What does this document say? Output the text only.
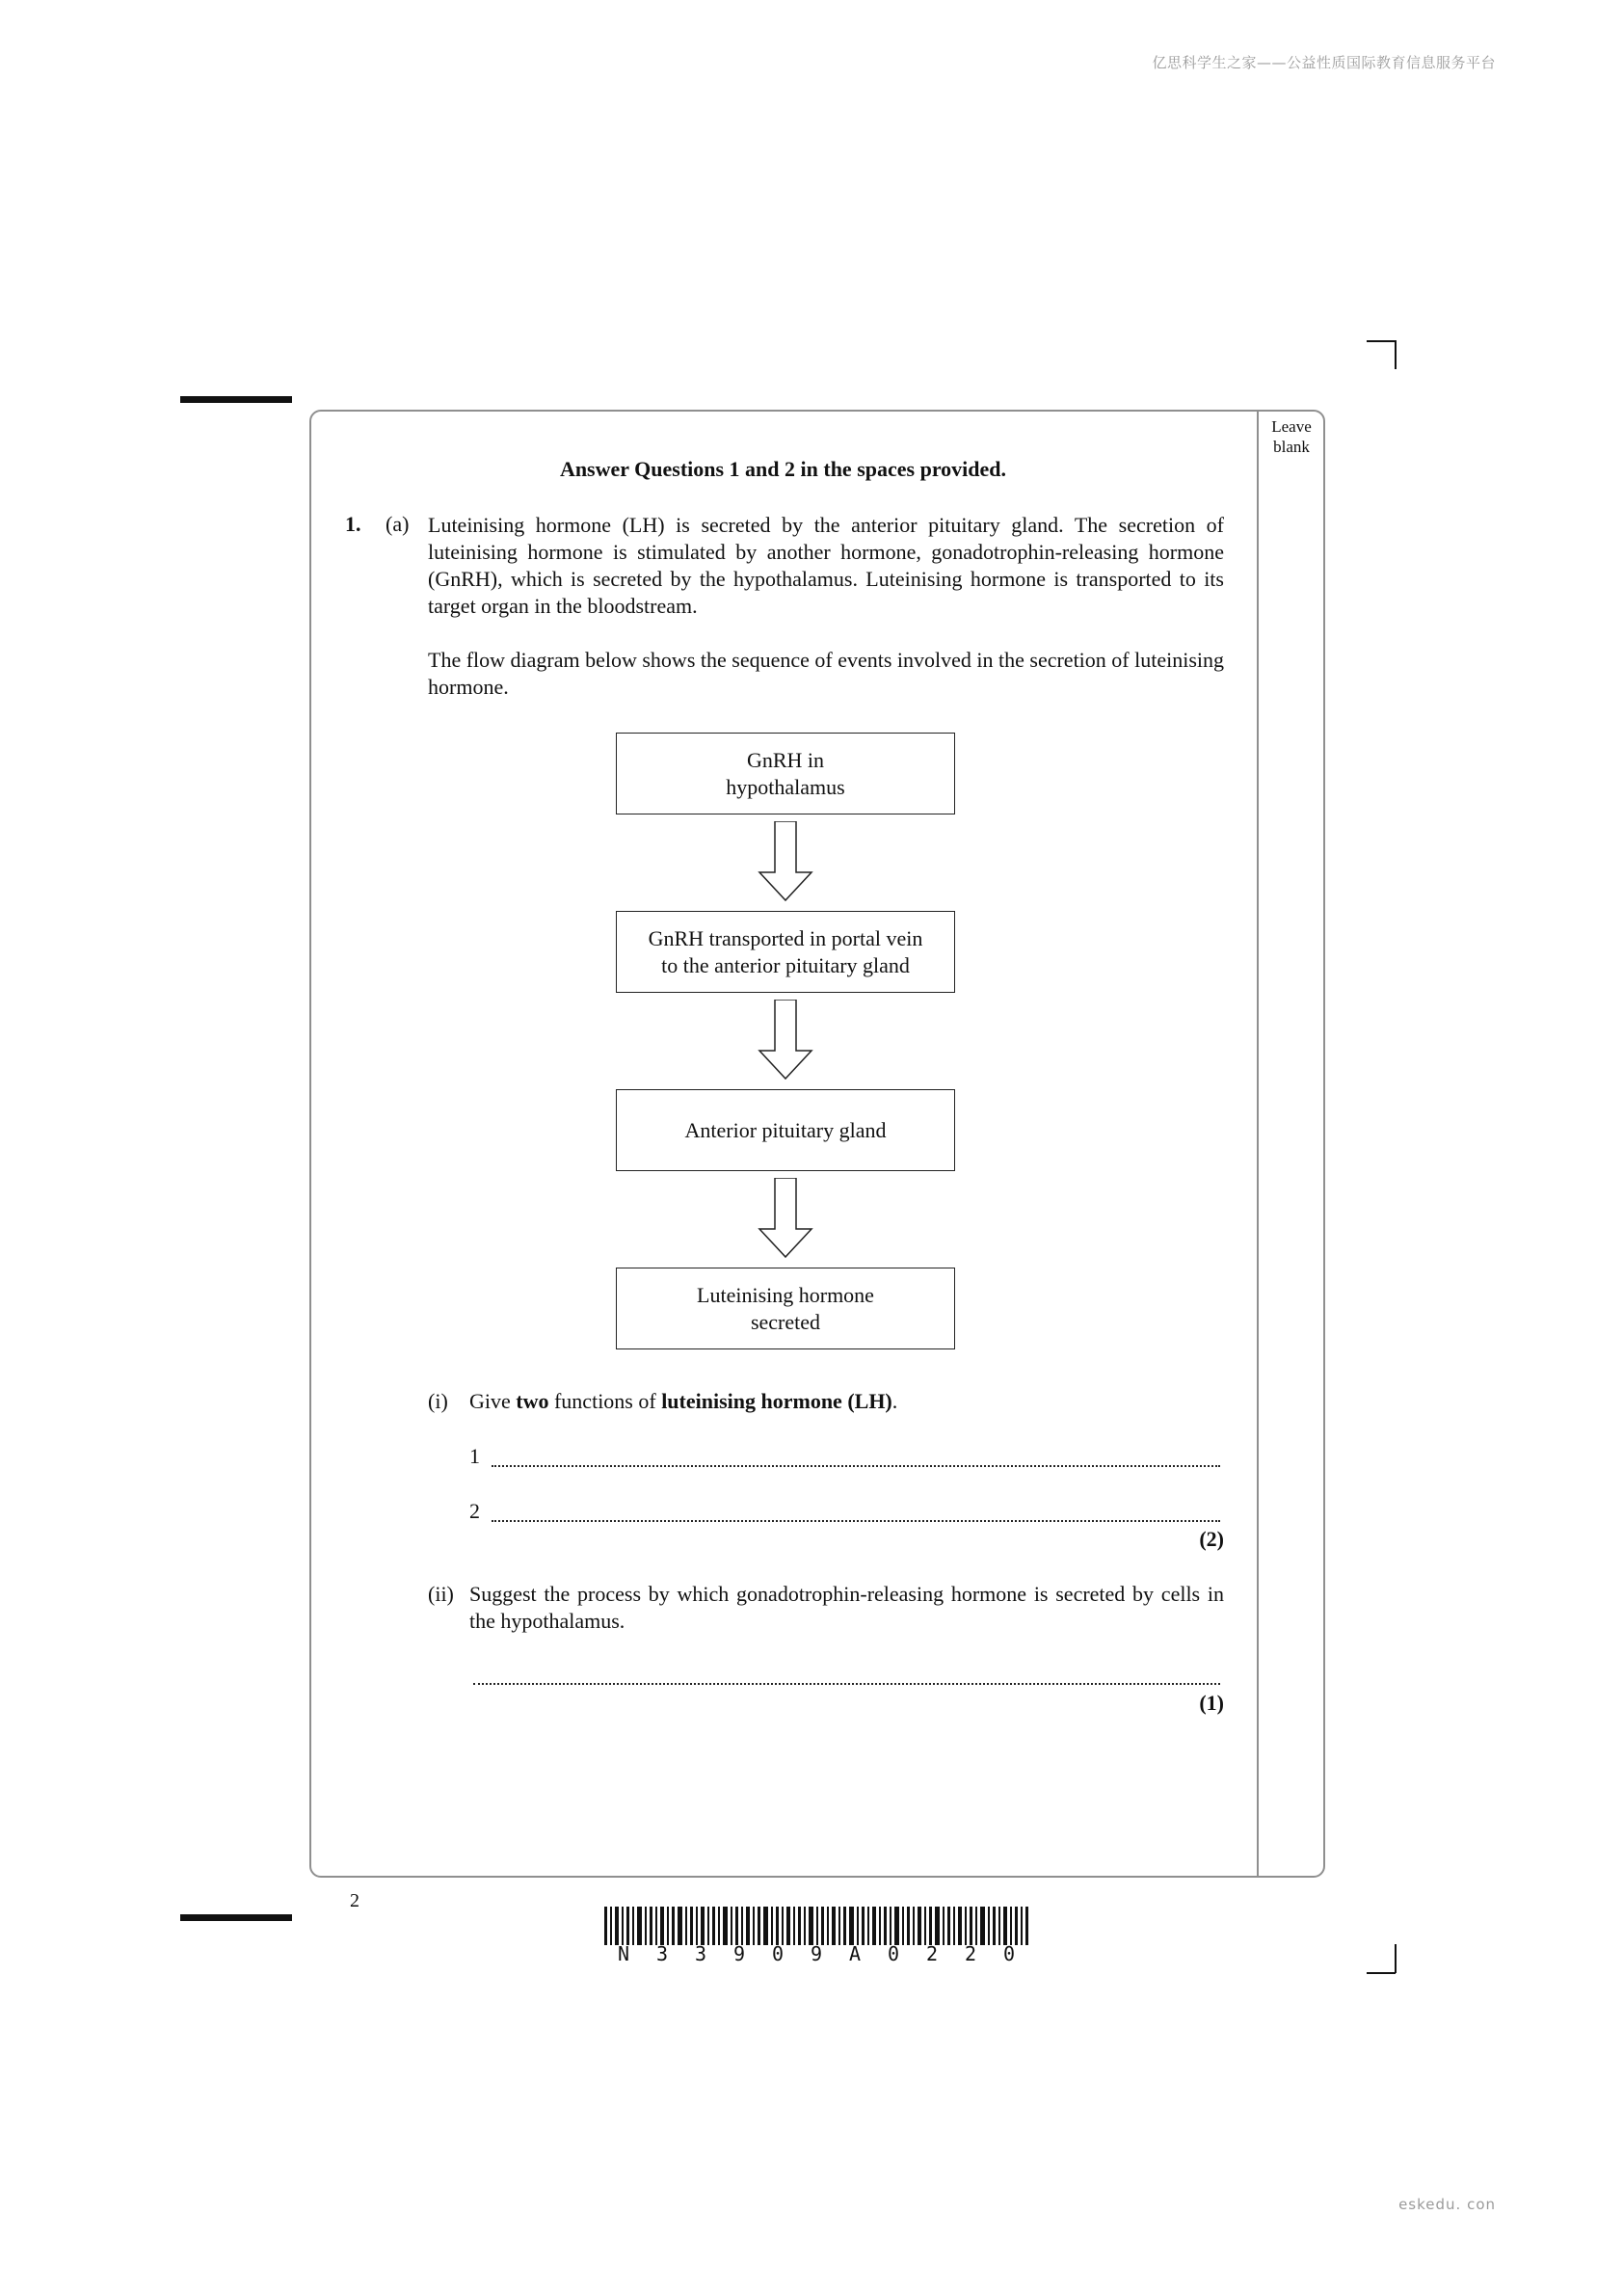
亿思科学生之家——公益性质国际教育信息服务平台
eskedu. con
Leave
blank
Answer Questions 1 and 2 in the spaces provided.
1. (a) Luteinising hormone (LH) is secreted by the anterior pituitary gland. The secretion of luteinising hormone is stimulated by another hormone, gonadotrophin-releasing hormone (GnRH), which is secreted by the hypothalamus. Luteinising hormone is transported to its target organ in the bloodstream.

The flow diagram below shows the sequence of events involved in the secretion of luteinising hormone.

GnRH in
hypothalamus
GnRH transported in portal vein
to the anterior pituitary gland
Anterior pituitary gland
Luteinising hormone
secreted
(i) Give two functions of luteinising hormone (LH).
1
2
(2)
(ii) Suggest the process by which gonadotrophin-releasing hormone is secreted by cells in the hypothalamus.
(1)
2
N 3 3 9 0 9 A 0 2 2 0
